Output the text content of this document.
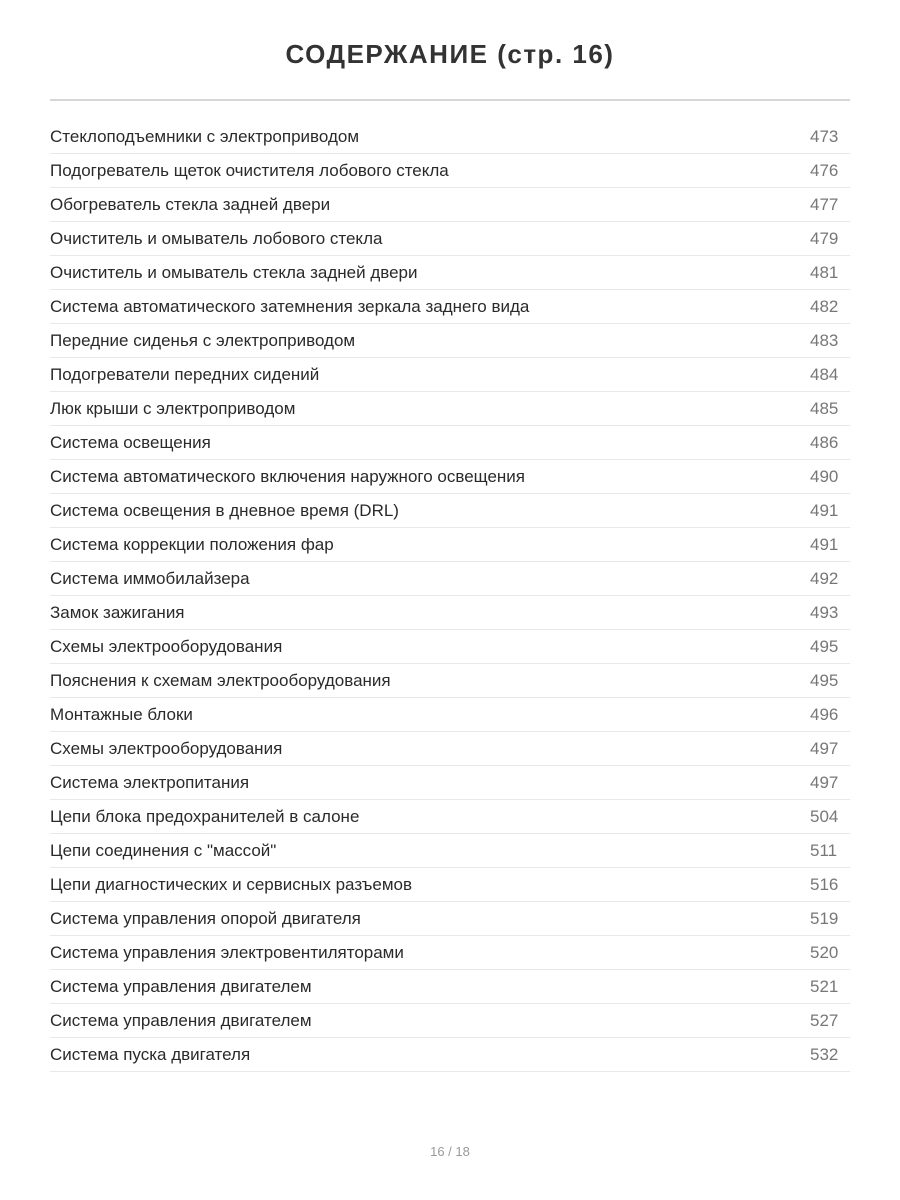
СОДЕРЖАНИЕ (стр. 16)
Стеклоподъемники с электроприводом	473
Подогреватель щеток очистителя лобового стекла	476
Обогреватель стекла задней двери	477
Очиститель и омыватель лобового стекла	479
Очиститель и омыватель стекла задней двери	481
Система автоматического затемнения зеркала заднего вида	482
Передние сиденья с электроприводом	483
Подогреватели передних сидений	484
Люк крыши с электроприводом	485
Система освещения	486
Система автоматического включения наружного освещения	490
Система освещения в дневное время (DRL)	491
Система коррекции положения фар	491
Система иммобилайзера	492
Замок зажигания	493
Схемы электрооборудования	495
Пояснения к схемам электрооборудования	495
Монтажные блоки	496
Схемы электрооборудования	497
Система электропитания	497
Цепи блока предохранителей в салоне	504
Цепи соединения с "массой"	511
Цепи диагностических и сервисных разъемов	516
Система управления опорой двигателя	519
Система управления электровентиляторами	520
Система управления двигателем	521
Система управления двигателем	527
Система пуска двигателя	532
16 / 18
